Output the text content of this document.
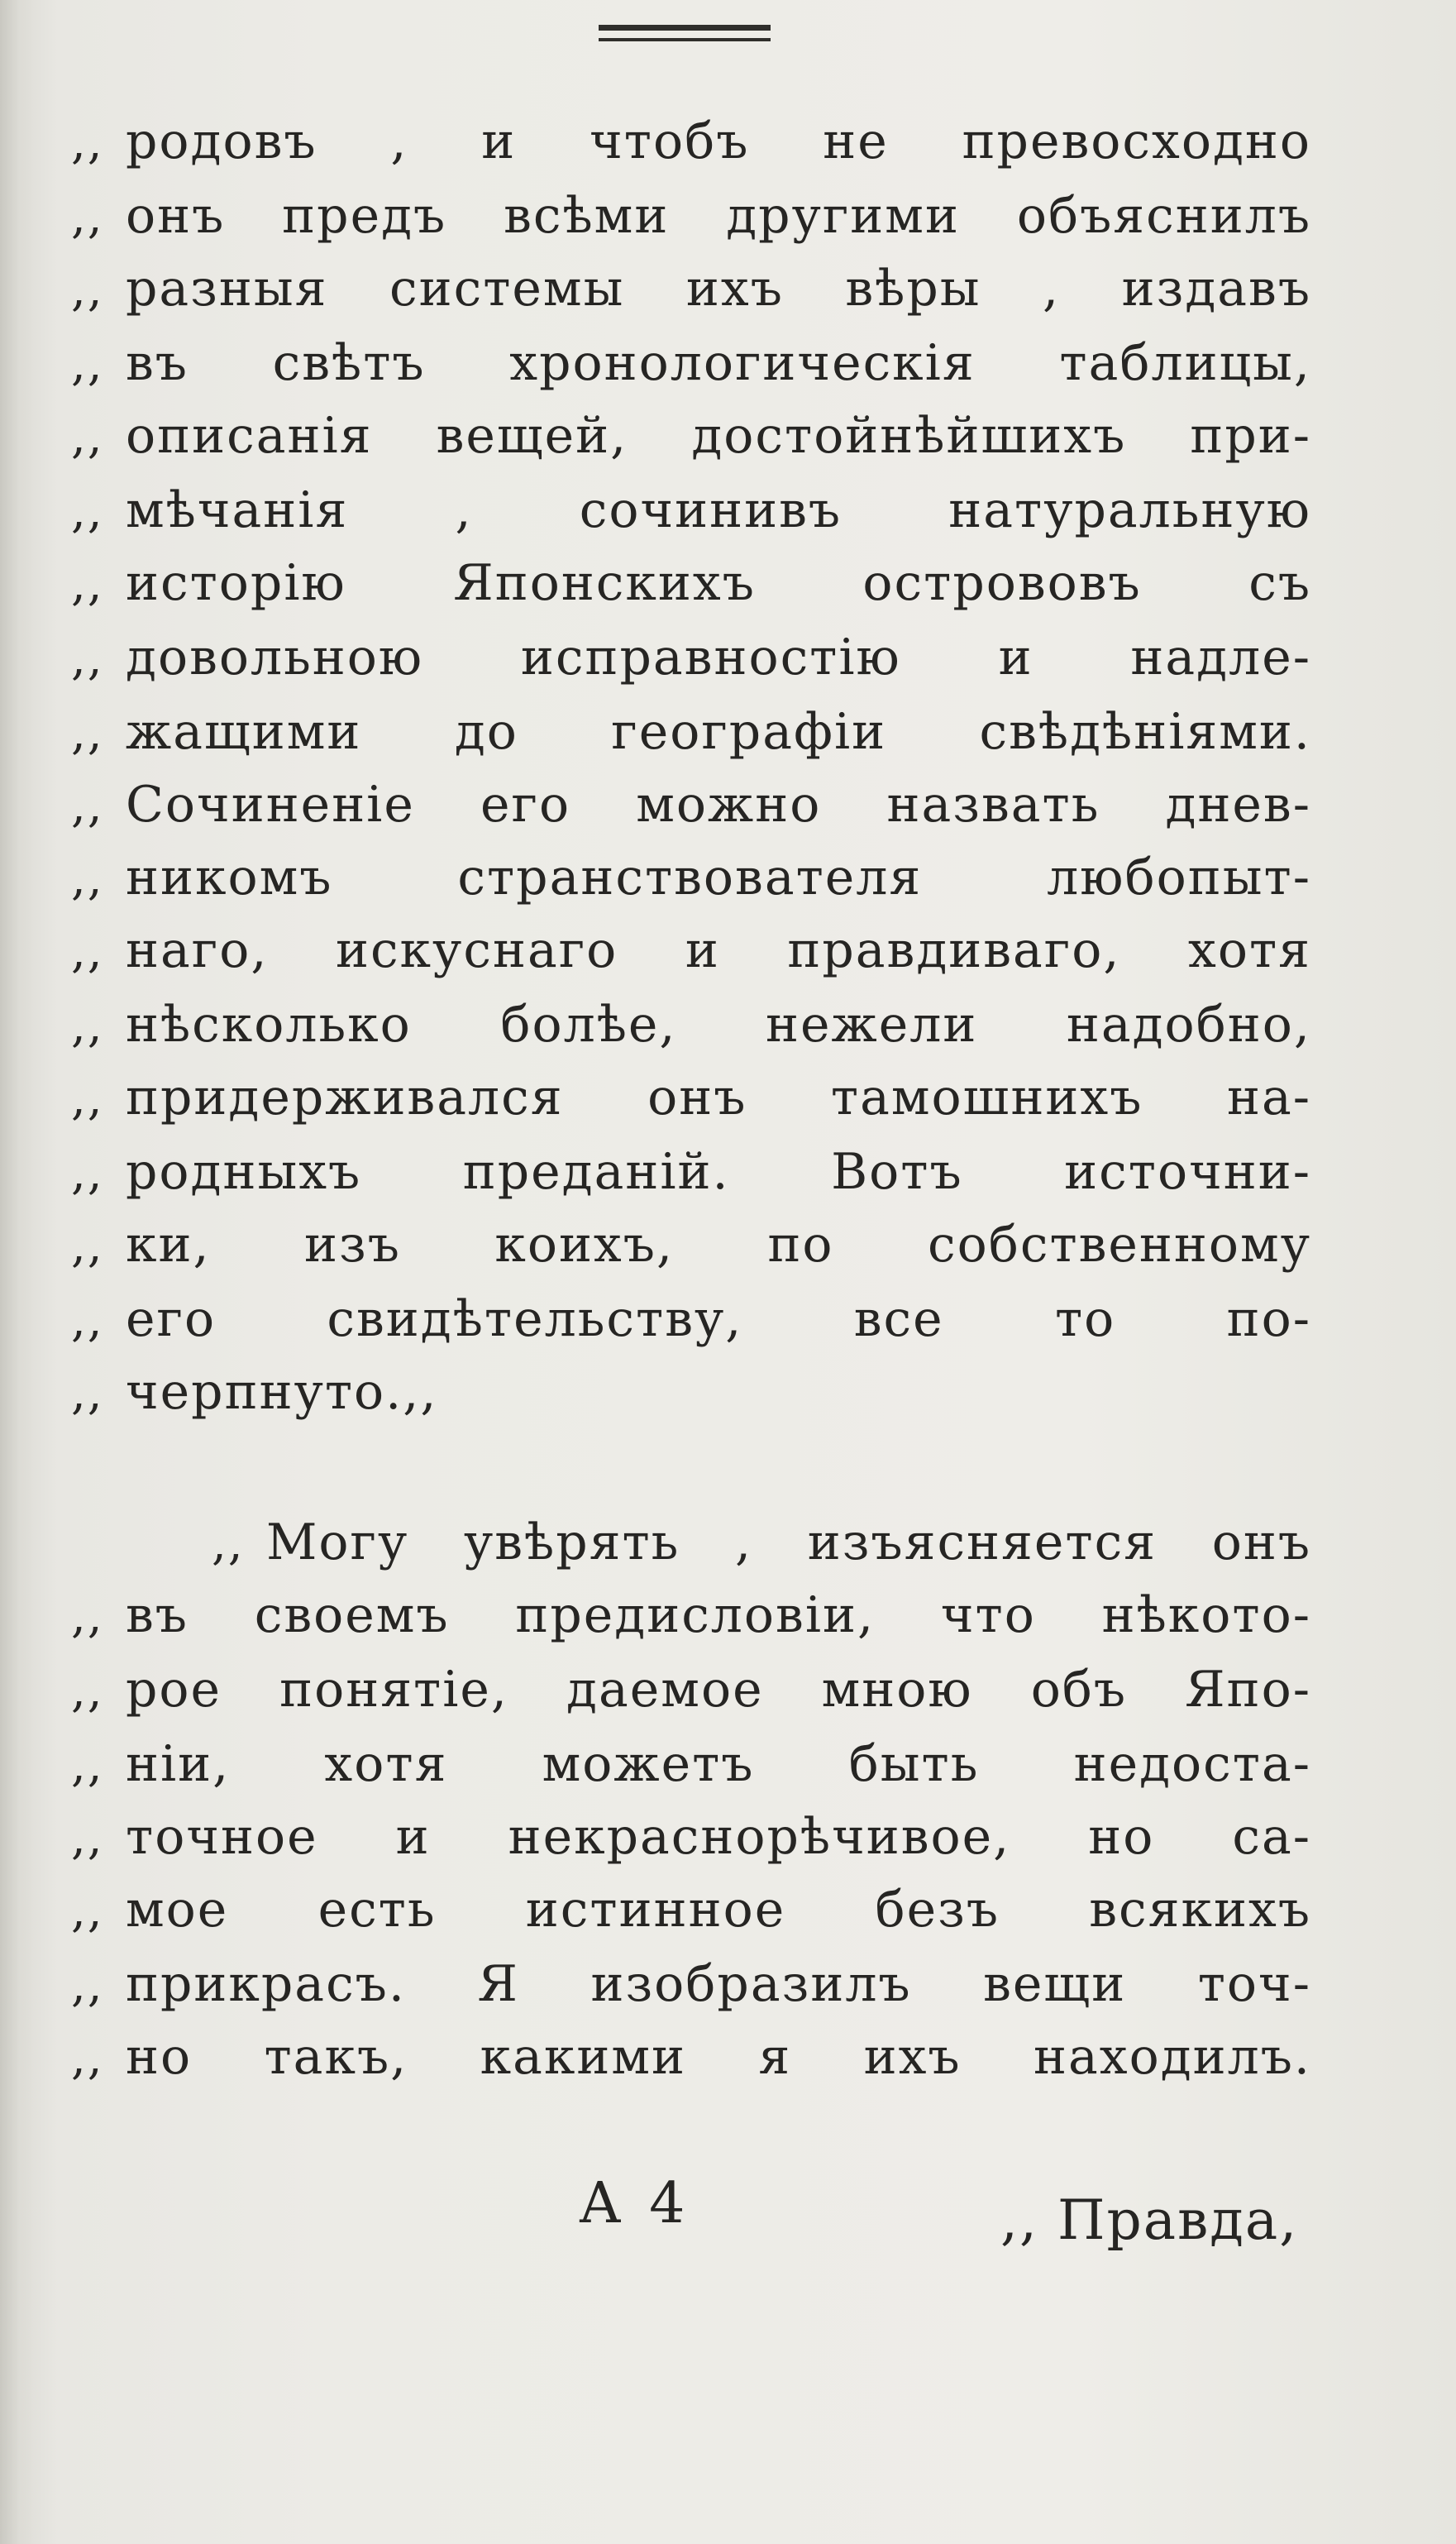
,, родовъ , и чтобъ не превосходно
,, онъ предъ всѣми другими объяснилъ
,, разныя системы ихъ вѣры , издавъ
,, въ свѣтъ хронологическія таблицы,
,, описанія вещей, достойнѣйшихъ при-
,, мѣчанія , сочинивъ натуральную
,, исторію Японскихъ острововъ съ
,, довольною исправностію и надле-
,, жащими до географіи свѣдѣніями.
,, Сочиненіе его можно назвать днев-
,, никомъ странствователя любопыт-
,, наго, искуснаго и правдиваго, хотя
,, нѣсколько болѣе, нежели надобно,
,, придерживался онъ тамошнихъ на-
,, родныхъ преданій. Вотъ источни-
,, ки, изъ коихъ, по собственному
,, его свидѣтельству, все то по-
,, черпнуто.,,
,, Могу увѣрять , изъясняется онъ
,, въ своемъ предисловіи, что нѣкото-
,, рое понятіе, даемое мною объ Япо-
,, ніи, хотя можетъ быть недоста-
,, точное и некраснорѣчивое, но са-
,, мое есть истинное безъ всякихъ
,, прикрасъ. Я изобразилъ вещи точ-
,, но такъ, какими я ихъ находилъ.
А 4	,, Правда,
